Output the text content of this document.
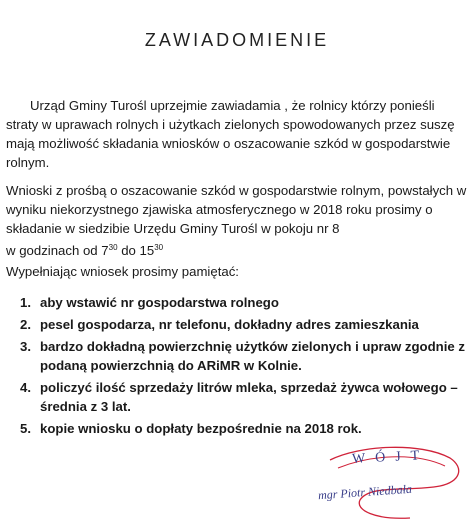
ZAWIADOMIENIE
Urząd Gminy Turośl uprzejmie zawiadamia , że rolnicy którzy ponieśli
straty w uprawach rolnych i użytkach zielonych spowodowanych przez suszę
mają możliwość składania wniosków o oszacowanie szkód w gospodarstwie
rolnym.
Wnioski z prośbą o oszacowanie szkód w gospodarstwie rolnym, powstałych w
wyniku niekorzystnego zjawiska atmosferycznego w 2018 roku prosimy o
składanie w siedzibie Urzędu Gminy Turośl w pokoju nr 8
w godzinach od $7^{30}$ do $15^{30}$
Wypełniając wniosek prosimy pamiętać:
1. aby wstawić nr gospodarstwa rolnego
2. pesel gospodarza, nr telefonu, dokładny adres zamieszkania
3. bardzo dokładną powierzchnię użytków zielonych i upraw zgodnie z podaną powierzchnią do ARiMR w Kolnie.
4. policzyć ilość sprzedaży litrów mleka, sprzedaż żywca wołowego – średnia z 3 lat.
5. kopie wniosku o dopłaty bezpośrednie na 2018 rok.
WÓJT
mgr Piotr Niedbała
